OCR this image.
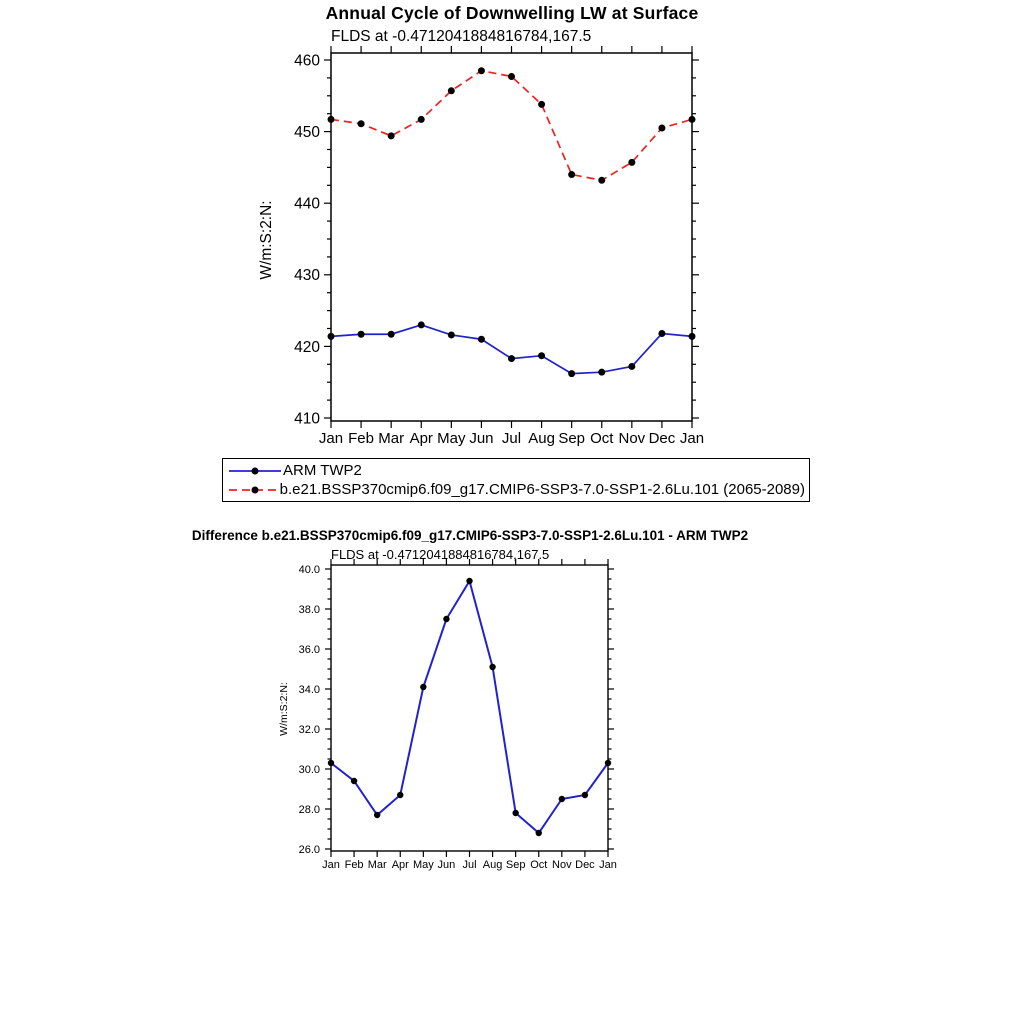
Annual Cycle of Downwelling LW at Surface
FLDS at -0.4712041884816784,167.5
410
420
430
440
450
460
Jan Feb Mar Apr May Jun Jul Aug Sep Oct Nov Dec Jan
W/m:S:2:N:
ARM TWP2
b.e21.BSSP370cmip6.f09_g17.CMIP6-SSP3-7.0-SSP1-2.6Lu.101 (2065-2089)
Difference b.e21.BSSP370cmip6.f09_g17.CMIP6-SSP3-7.0-SSP1-2.6Lu.101 - ARM TWP2
FLDS at -0.4712041884816784,167.5
26.0
28.0
30.0
32.0
34.0
36.0
38.0
40.0
Jan Feb Mar Apr May Jun Jul Aug Sep Oct Nov Dec Jan
W/m:S:2:N:
